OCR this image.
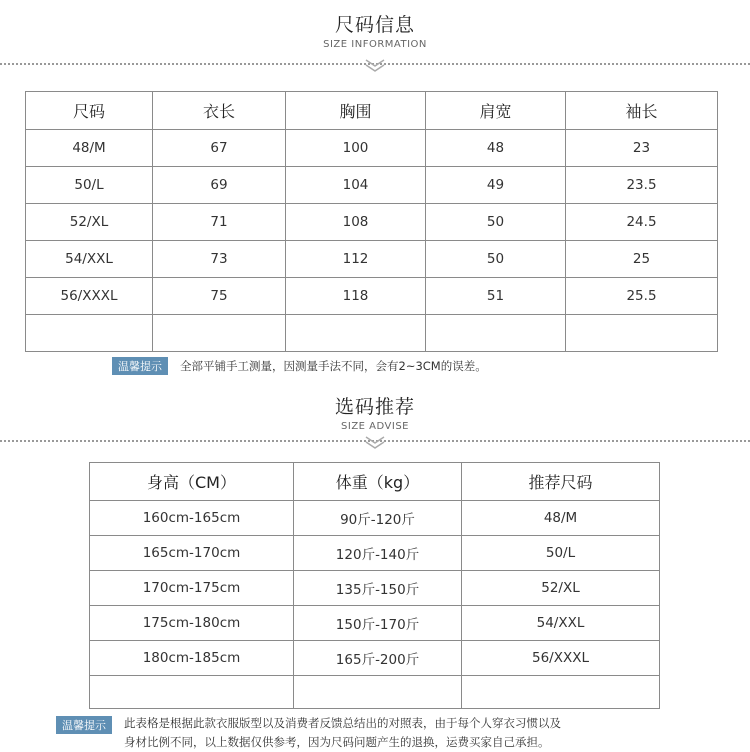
尺码信息
SIZE INFORMATION
尺码	衣长	胸围	肩宽	袖长
48/M	67	100	48	23
50/L	69	104	49	23.5
52/XL	71	108	50	24.5
54/XXL	73	112	50	25
56/XXXL	75	118	51	25.5

温馨提示	全部平铺手工测量，因测量手法不同，会有2~3CM的误差。
选码推荐
SIZE ADVISE
身高（CM）	体重（kg）	推荐尺码
160cm-165cm	90斤-120斤	48/M
165cm-170cm	120斤-140斤	50/L
170cm-175cm	135斤-150斤	52/XL
175cm-180cm	150斤-170斤	54/XXL
180cm-185cm	165斤-200斤	56/XXXL

温馨提示	此表格是根据此款衣服版型以及消费者反馈总结出的对照表，由于每个人穿衣习惯以及
身材比例不同，以上数据仅供参考，因为尺码问题产生的退换，运费买家自己承担。
